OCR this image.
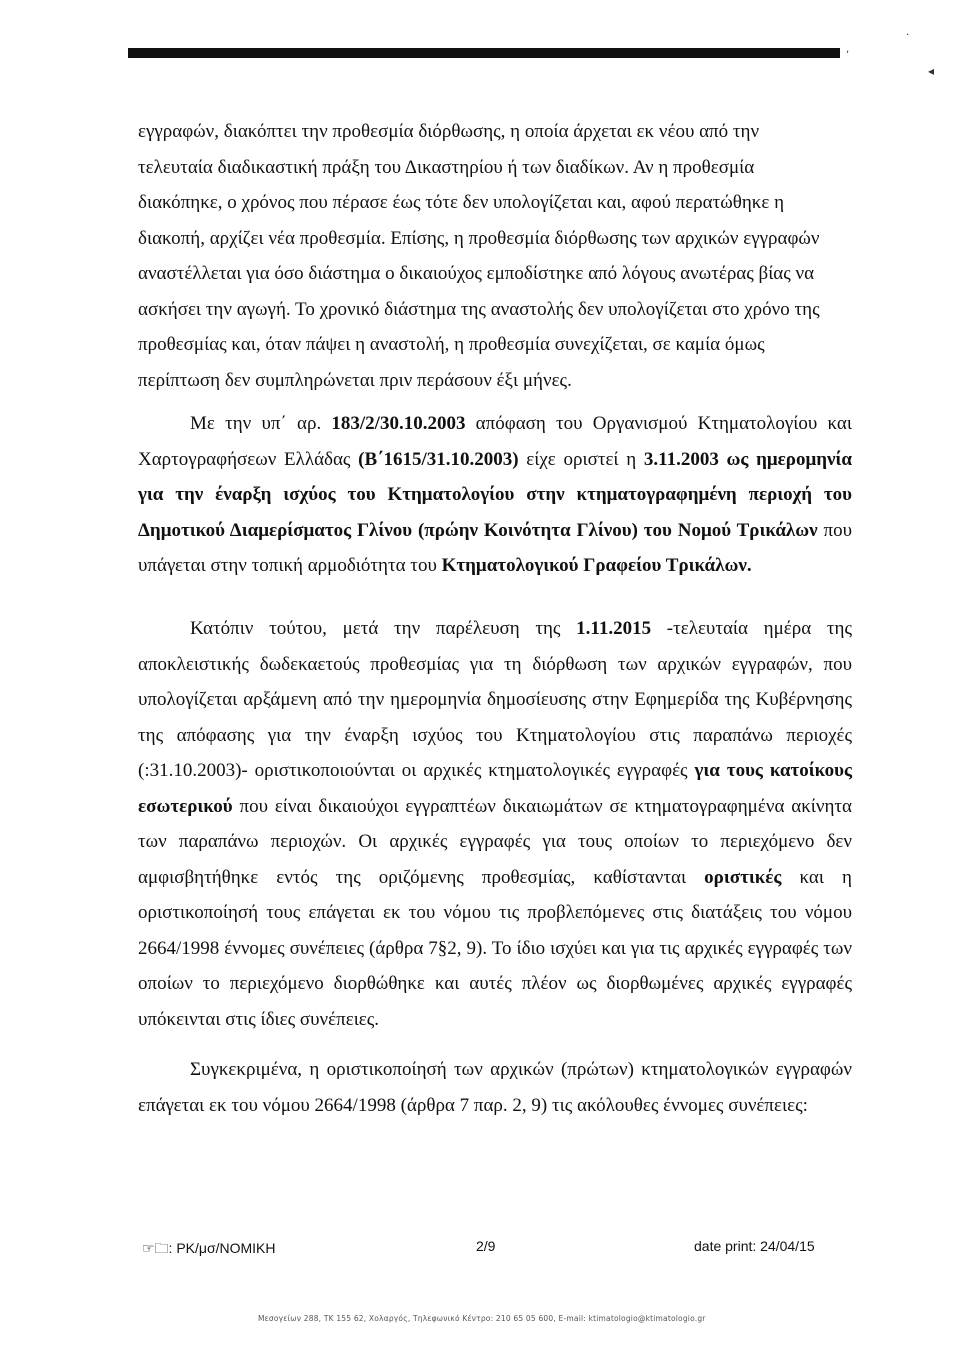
,
·
◂

εγγραφών, διακόπτει την προθεσμία διόρθωσης, η οποία άρχεται εκ νέου από την

τελευταία διαδικαστική πράξη του Δικαστηρίου ή των διαδίκων. Αν η προθεσμία

διακόπηκε, ο χρόνος που πέρασε έως τότε δεν υπολογίζεται και, αφού περατώθηκε η

διακοπή, αρχίζει νέα προθεσμία. Επίσης, η προθεσμία διόρθωσης των αρχικών εγγραφών

αναστέλλεται για όσο διάστημα ο δικαιούχος εμποδίστηκε από λόγους ανωτέρας βίας να

ασκήσει την αγωγή. Το χρονικό διάστημα της αναστολής δεν υπολογίζεται στο χρόνο της

προθεσμίας και, όταν πάψει η αναστολή, η προθεσμία συνεχίζεται, σε καμία όμως

περίπτωση δεν συμπληρώνεται πριν περάσουν έξι μήνες.

Με την υπ΄ αρ. 183/2/30.10.2003 απόφαση του Οργανισμού Κτηματολογίου και Χαρτογραφήσεων Ελλάδας (Β΄1615/31.10.2003) είχε οριστεί η 3.11.2003 ως ημερομηνία για την έναρξη ισχύος του Κτηματολογίου στην κτηματογραφημένη περιοχή του Δημοτικού Διαμερίσματος Γλίνου (πρώην Κοινότητα Γλίνου) του Νομού Τρικάλων που υπάγεται στην τοπική αρμοδιότητα του Κτηματολογικού Γραφείου Τρικάλων.

Κατόπιν τούτου, μετά την παρέλευση της 1.11.2015 -τελευταία ημέρα της αποκλειστικής δωδεκαετούς προθεσμίας για τη διόρθωση των αρχικών εγγραφών, που υπολογίζεται αρξάμενη από την ημερομηνία δημοσίευσης στην Εφημερίδα της Κυβέρνησης της απόφασης για την έναρξη ισχύος του Κτηματολογίου στις παραπάνω περιοχές (:31.10.2003)- οριστικοποιούνται οι αρχικές κτηματολογικές εγγραφές για τους κατοίκους εσωτερικού που είναι δικαιούχοι εγγραπτέων δικαιωμάτων σε κτηματογραφημένα ακίνητα των παραπάνω περιοχών. Οι αρχικές εγγραφές για τους οποίων το περιεχόμενο δεν αμφισβητήθηκε εντός της οριζόμενης προθεσμίας, καθίστανται οριστικές και η οριστικοποίησή τους επάγεται εκ του νόμου τις προβλεπόμενες στις διατάξεις του νόμου 2664/1998 έννομες συνέπειες (άρθρα 7§2, 9). Το ίδιο ισχύει και για τις αρχικές εγγραφές των οποίων το περιεχόμενο διορθώθηκε και αυτές πλέον ως διορθωμένες αρχικές εγγραφές υπόκεινται στις ίδιες συνέπειες.

Συγκεκριμένα, η οριστικοποίησή των αρχικών (πρώτων) κτηματολογικών εγγραφών επάγεται εκ του νόμου 2664/1998 (άρθρα 7 παρ. 2, 9) τις ακόλουθες έννομες συνέπειες:

☞🗀: PK/μσ/ΝΟΜΙΚΗ	2/9	date print: 24/04/15
Μεσογείων 288, ΤΚ 155 62, Χολαργός, Τηλεφωνικό Κέντρο: 210 65 05 600, E-mail: ktimatologio@ktimatologio.gr
